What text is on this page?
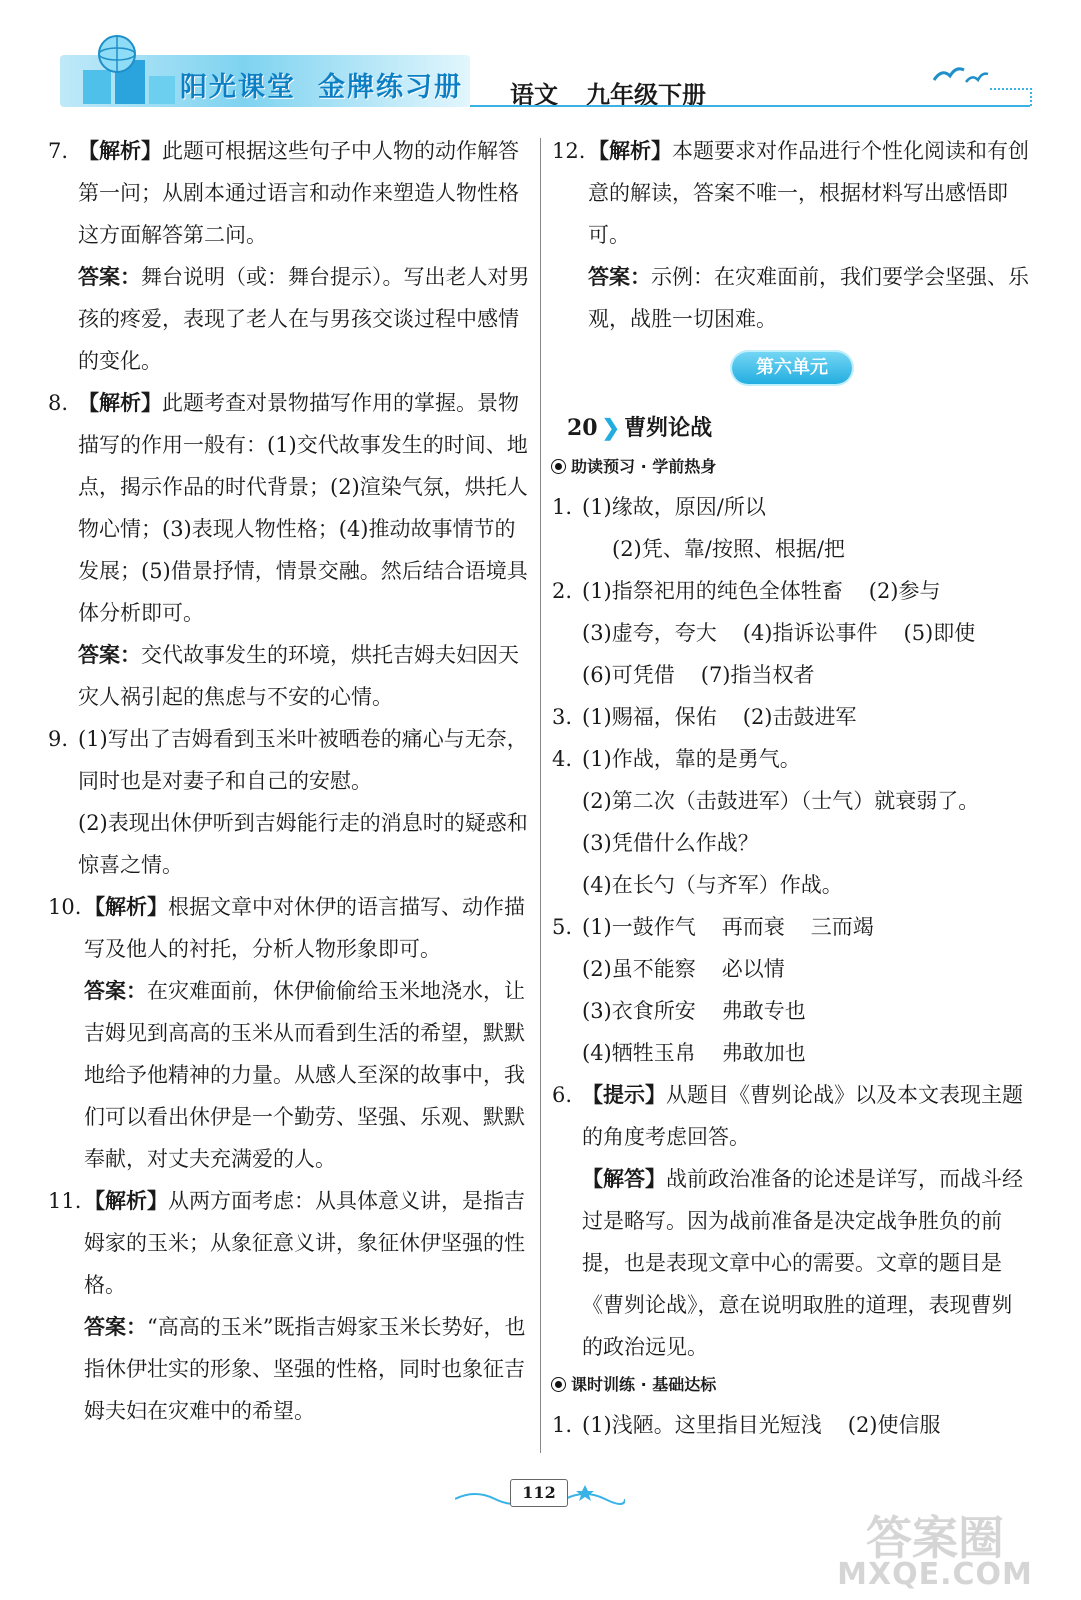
阳光课堂 金牌练习册 语文 九年级下册
7. 【解析】此题可根据这些句子中人物的动作解答第一问；从剧本通过语言和动作来塑造人物性格这方面解答第二问。

答案：舞台说明（或：舞台提示）。写出老人对男孩的疼爱，表现了老人在与男孩交谈过程中感情的变化。

8. 【解析】此题考查对景物描写作用的掌握。景物描写的作用一般有：(1)交代故事发生的时间、地点，揭示作品的时代背景；(2)渲染气氛，烘托人物心情；(3)表现人物性格；(4)推动故事情节的发展；(5)借景抒情，情景交融。然后结合语境具体分析即可。

答案：交代故事发生的环境，烘托吉姆夫妇因天灾人祸引起的焦虑与不安的心情。

9. (1)写出了吉姆看到玉米叶被晒卷的痛心与无奈，同时也是对妻子和自己的安慰。

(2)表现出休伊听到吉姆能行走的消息时的疑惑和惊喜之情。

10. 【解析】根据文章中对休伊的语言描写、动作描写及他人的衬托，分析人物形象即可。

答案：在灾难面前，休伊偷偷给玉米地浇水，让吉姆见到高高的玉米从而看到生活的希望，默默地给予他精神的力量。从感人至深的故事中，我们可以看出休伊是一个勤劳、坚强、乐观、默默奉献，对丈夫充满爱的人。

11. 【解析】从两方面考虑：从具体意义讲，是指吉姆家的玉米；从象征意义讲，象征休伊坚强的性格。

答案：“高高的玉米”既指吉姆家玉米长势好，也指休伊壮实的形象、坚强的性格，同时也象征吉姆夫妇在灾难中的希望。

12. 【解析】本题要求对作品进行个性化阅读和有创意的解读，答案不唯一，根据材料写出感悟即可。

答案：示例：在灾难面前，我们要学会坚强、乐观，战胜一切困难。

第六单元
20 ❯ 曹刿论战
助读预习 · 学前热身
1. (1)缘故，原因/所以

(2)凭、靠/按照、根据/把

2. (1)指祭祀用的纯色全体牲畜 (2)参与

(3)虚夸，夸大 (4)指诉讼事件 (5)即使

(6)可凭借 (7)指当权者

3. (1)赐福，保佑 (2)击鼓进军

4. (1)作战，靠的是勇气。

(2)第二次（击鼓进军）（士气）就衰弱了。

(3)凭借什么作战？

(4)在长勺（与齐军）作战。

5. (1)一鼓作气 再而衰 三而竭

(2)虽不能察 必以情

(3)衣食所安 弗敢专也

(4)牺牲玉帛 弗敢加也

6. 【提示】从题目《曹刿论战》以及本文表现主题的角度考虑回答。

【解答】战前政治准备的论述是详写，而战斗经过是略写。因为战前准备是决定战争胜负的前提，也是表现文章中心的需要。文章的题目是《曹刿论战》，意在说明取胜的道理，表现曹刿的政治远见。

课时训练 · 基础达标
1. (1)浅陋。这里指目光短浅 (2)使信服

112
答案圈
MXQE.COM
